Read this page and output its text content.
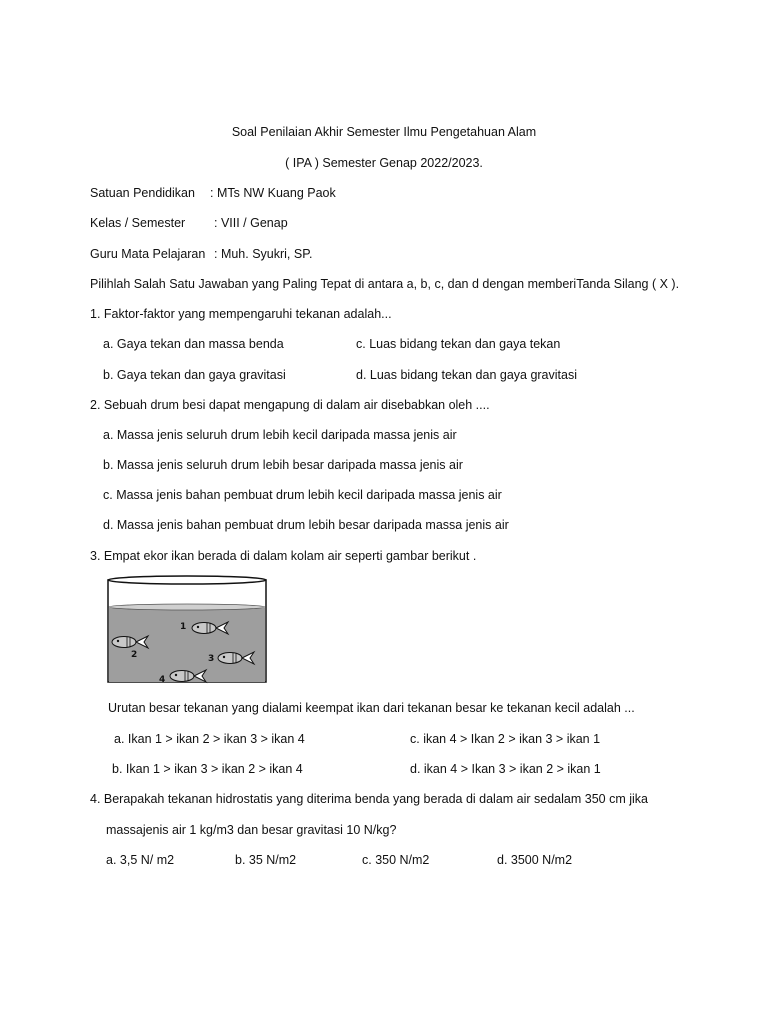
Soal Penilaian Akhir Semester Ilmu Pengetahuan Alam
( IPA ) Semester Genap 2022/2023.
Satuan Pendidikan : MTs NW Kuang Paok
Kelas / Semester : VIII / Genap
Guru Mata Pelajaran : Muh. Syukri, SP.
Pilihlah Salah Satu Jawaban yang Paling Tepat di antara a, b, c, dan d dengan memberiTanda Silang ( X ).
1. Faktor-faktor yang mempengaruhi tekanan adalah...
a. Gaya tekan dan massa benda	c. Luas bidang tekan dan gaya tekan
b. Gaya tekan dan gaya gravitasi	d. Luas bidang tekan dan gaya gravitasi
2. Sebuah drum besi dapat mengapung di dalam air disebabkan oleh ....
a. Massa jenis seluruh drum lebih kecil daripada massa jenis air
b. Massa jenis seluruh drum lebih besar daripada massa jenis air
c. Massa jenis bahan pembuat drum lebih kecil daripada massa jenis air
d. Massa jenis bahan pembuat drum lebih besar daripada massa jenis air
3. Empat ekor ikan berada di dalam kolam air seperti gambar berikut .
1
2	3
4
Urutan besar tekanan yang dialami keempat ikan dari tekanan besar ke tekanan kecil adalah ...
a. Ikan 1 > ikan 2 > ikan 3 > ikan 4	c. ikan 4 > Ikan 2 > ikan 3 > ikan 1
b. Ikan 1 > ikan 3 > ikan 2 > ikan 4	d. ikan 4 > Ikan 3 > ikan 2 > ikan 1
4. Berapakah tekanan hidrostatis yang diterima benda yang berada di dalam air sedalam 350 cm jika
massajenis air 1 kg/m3 dan besar gravitasi 10 N/kg?
a. 3,5 N/ m2	b. 35 N/m2	c. 350 N/m2	d. 3500 N/m2
